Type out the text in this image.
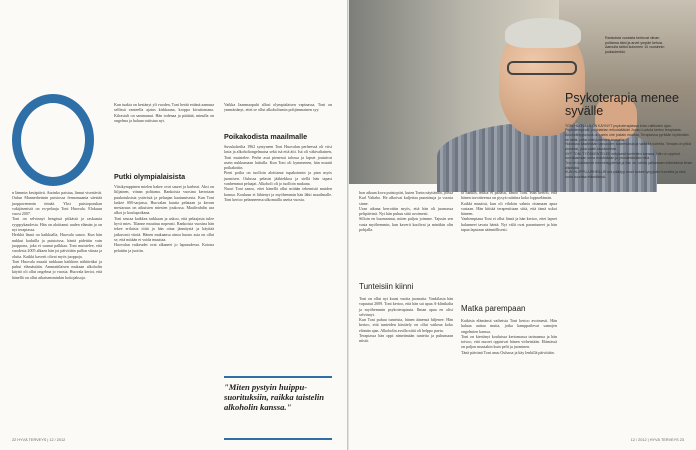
n lämmin kesäpäivä. Aurinko paistaa, linnut visertävät. Oulun Mannerheimin puistossa fennomaania säestää juopporemmin örinää. Yksi puistoporukan vakijäsenistä on ex-pelaaja Toni Huovala. Elokuun vuosi 2007.
Toni on selvinnyt hengissä pitkästä ja raskaasta ryyppykaudesta. Hän on aloittanut uuden elämän ja on nyt terapiassa.
Herkkä läsnä on kaikkialla, Huovala sanoo. Kun hän nukkui kaduilla ja puistoissa, häntä pidettiin vain juoppona, joka ei saanut palkkaa. Toni muistelee, että vuodesta 2005 alkaen hän joi päivittäin pullon viinaa ja oluita. Kaikki kaverit olivat myös juoppoja.
Toni Huovala muutti tarkkaan kaikkien nähtäväksi ja puhui elämästään. Ammattilaisen mukaan alkoholin käyttö oli ollut ongelma jo vuosia. Huovala kertoi, että hänellä on ollut aikaisemminkin hoitojaksoja.
Kun tuakia on kestänyt yli vuoden, Toni herää eräänä aamuna sellissä vanteella ajatus kirkkaana, kroppa kivuttomana. Kilrastali on sammunut. Hän todenaa ja päättää, minulla on ongelma ja haluan raitistua nyt.
Putki olympialaisista
Viisikymppinen mielen hakee ovat sauret ja karheat. Aksi on liiljainen, viinan polttama. Rankoisia vuosina kerrotaan puukotuksista ystävistä ja pelaajan kaatumisesta. Kun Toni laskee SM-sarjassa, Huovalan kautta pelataan ja kerran mestaruus on aikuisten miesten joukossa. Maalivahdin ura alkoi jo koulupoikana.
Toni seuraa kaikkea tarkkaan ja uskoo, että pelaajasta tulee hyvä mies. Tilanne muuttuu nopeasti. Rankoisia vuosina hän tekee erilaisia töitä ja hän ottaa jännitystä ja käyttää jatkuvasti viiniä. Hänen mukaansa ainoa huono asia on ollut se, että mitään ei voida muuttaa.
Huovalan vaikeudet ovat alkaneet jo lapsuudessa. Kotona pelattiin ja juotiin.
Vaikka Jaanmaapuhi allosi olympialaisen vapinassa, Toni on ymmärtänyt, ettei se ollut alkoholismin pohjimmainen syy.
Poikakodista maailmalle
Suvukokeilta 1962 syntyneen Toni Huovalan perheessä oli viisi lasta ja alkoholiongelmaisa sekä isä että äiti. Isä oli väkivaltainen, Toni muistelee. Perhe asui pienessä talossa ja lapset joutuivat usein nukkumaan lattialla. Kun Toni oli kymmenen, hän muutti poikakotiin.
Pieni poika on tuolloin aloittanut tupakoinnin ja pian myös juomisen. Oulussa pelasin jääkiekkoa ja siellä hän tapasi vanhemmat pelaajat. Alkoholi oli jo tuolloin mukana.
Nuori Toni sanoo, ettei hänellä ollut mitään tekemistä muiden kanssa. Kouluun ei lähtenyt ja myöhemmin hän lähti maailmalle. Toni kertoo pelanneensa ulkomailla useita vuosia.
"Miten pystyin huippu-suorituksiin, raikka taistelin alkoholin kanssa."
22 HYVÄ TERVEYS | 12 / 2012
Rankoista vuosista kertovat viinan polttama ääni ja arvet ympäri kehoa. Aamulla taittui kuloneen 10 vuosinnin juoksulenkki.
hon aikaan kova puistopiiri, kuten Tonin näyttämöt, joissa Karl Valtaho. He alkoivat kuljettaa punnitsuja ja vuosia sinne.
Uran aikana kerrottiin myös, että hän oli juomassa pelipäivinä. Nyt hän puhuu siitä avoimesti.
Silloin en huomannut, miten paljon joimme. Tajusin sen vasta myöhemmin, kun kaverit kuolivat ja minäkin olin pohjalla.
Tunteisiin kiinni
Toni on ollut nyt kuusi vuotta juomatta. Vankilasta hän vapautui 2009. Toni kertoo, että hän sai apua A-klinikalta ja myöhemmin psykoterapiasta. Ilman apua en olisi selvinnyt.
Kun Toni puhuu tunteista, hänen äänensä hiljenee. Hän kertoo, että tunteiden käsittely on ollut vaikeaa koko elämän ajan. Alkoholin avulla niitä oli helppo paeta.
Terapiassa hän oppi nimeämään tunteita ja puhumaan niistä.
tä hänkin, mutta ei pahasti, sanoo Toni. Hän kertoo, että hänen tavoitteensa on pysyä raittiina koko loppuelämän.
Kaikki muuttui, kun oli vihdoin valmis ottamaan apua vastaan. Hän kiittää terapeuttiaan siitä, että tämä uskoi häneen.
Vanhempiana Toni ei ollut läsnä ja hän kertoo, ettei lapset halunneet tavata häntä. Nyt välit ovat parantuneet ja hän tapaa lapsiaan säännöllisesti.
Matka parempaan
Kaikista elämänsä vaiheista Toni kertoo avoimesti. Hän haluaa auttaa muita, jotka kamppailevat samojen ongelmien kanssa.
Toni on kiertänyt kouluissa kertomassa tarinaansa ja hän toivoo, että nuoret oppisivat hänen virheistään. Elämässä on paljon muutakin kuin pelit ja juominen.
Tänä päivänä Toni asuu Oulussa ja käy lenkillä päivittäin.
Psykoterapia menee syvälle
TONI HUOVALA ON KÄYNYT psykoterapiassa koko raittiuden ajan. Psykoterapeutti, psykiatrian erikoislääkäri Jouko Luotola kertoo terapiasta:
Alkoholiriippuvuus on usein oire jostain muusta. Terapiassa pyritään löytämään ne asiat, jotka ovat juomisen taustalla.
Hoidossa käsitellään lapsuuden kokemuksia ja vaikeita tunteita. Terapia on pitkä prosessi, joka vaatii sitoutumista.
NYT TONI TYÖSKENTELEE erityisesti tunteiden kanssa. Hän on oppinut tunnistamaan omia reaktioitaan ja ymmärtämään niitä.
Toni on kohdannut menneisyytensä ja hän on valmis jatkamaan elämäänsä ilman alkoholia.
KUN HUIPPU-URHEILUR ura päättyy, moni kokee tyhjyyden tunnetta ja etsii uutta suuntaa elämäänsä.
12 / 2012 | HYVÄ TERVEYS 23
